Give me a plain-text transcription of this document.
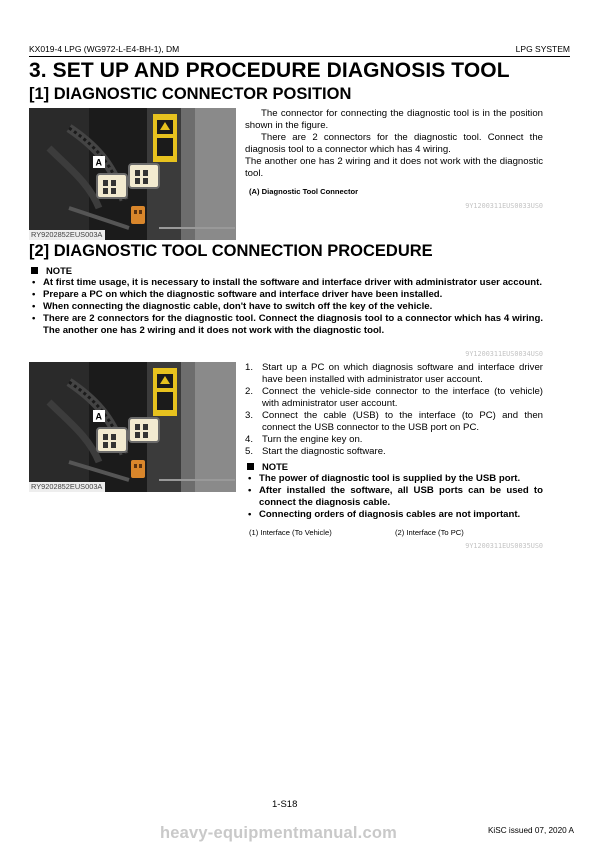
KX019-4 LPG (WG972-L-E4-BH-1), DM	LPG SYSTEM
3. SET UP AND PROCEDURE DIAGNOSIS TOOL
[1] DIAGNOSTIC CONNECTOR POSITION
A
RY9202852EUS003A

The connector for connecting the diagnostic tool is in the position shown in the figure.

There are 2 connectors for the diagnostic tool. Connect the diagnosis tool to a connector which has 4 wiring.

The another one has 2 wiring and it does not work with the diagnostic tool.

(A) Diagnostic Tool Connector
9Y1200311EUS0033US0
[2] DIAGNOSTIC TOOL CONNECTION PROCEDURE
NOTE
• At first time usage, it is necessary to install the software and interface driver with administrator user account.
• Prepare a PC on which the diagnostic software and interface driver have been installed.
• When connecting the diagnostic cable, don't have to switch off the key of the vehicle.
• There are 2 connectors for the diagnostic tool. Connect the diagnosis tool to a connector which has 4 wiring. The another one has 2 wiring and it does not work with the diagnostic tool.
9Y1200311EUS0034US0
A
RY9202852EUS003A
1. Start up a PC on which diagnosis software and interface driver have been installed with administrator user account.
2. Connect the vehicle-side connector to the interface (to vehicle) with administrator user account.
3. Connect the cable (USB) to the interface (to PC) and then connect the USB connector to the USB port on PC.
4. Turn the engine key on.
5. Start the diagnostic software.
NOTE
• The power of diagnostic tool is supplied by the USB port.
• After installed the software, all USB ports can be used to connect the diagnosis cable.
• Connecting orders of diagnosis cables are not important.
(1) Interface (To Vehicle)	(2) Interface (To PC)
9Y1200311EUS0035US0
1-S18
heavy-equipmentmanual.com	KiSC issued 07, 2020 A
